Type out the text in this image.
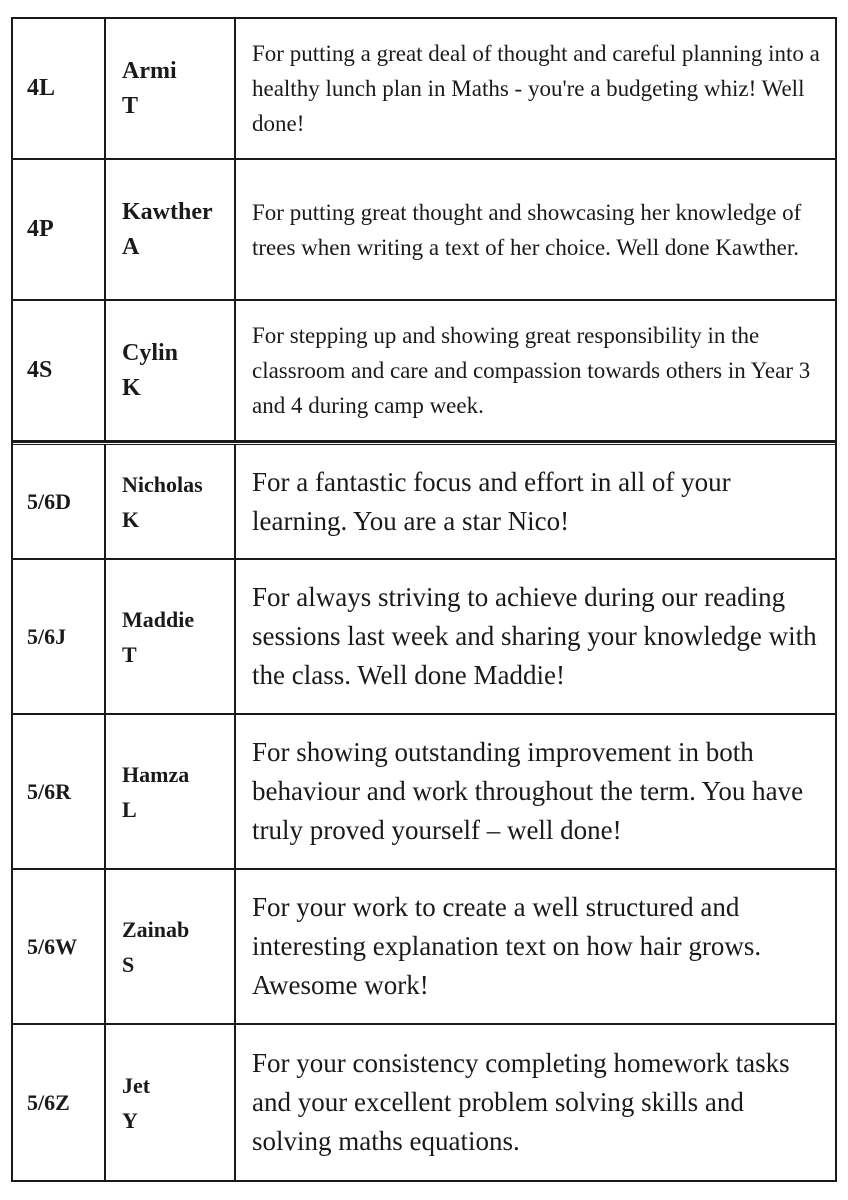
4L
Armi
T
For putting a great deal of thought and careful planning into a healthy lunch plan in Maths - you're a budgeting whiz! Well done!
4P
Kawther
A
For putting great thought and showcasing her knowledge of trees when writing a text of her choice. Well done Kawther.
4S
Cylin
K
For stepping up and showing great responsibility in the classroom and care and compassion towards others in Year 3 and 4 during camp week.
5/6D
Nicholas
K
For a fantastic focus and effort in all of your learning. You are a star Nico!
5/6J
Maddie
T
For always striving to achieve during our reading sessions last week and sharing your knowledge with the class. Well done Maddie!
5/6R
Hamza
L
For showing outstanding improvement in both behaviour and work throughout the term. You have truly proved yourself – well done!
5/6W
Zainab
S
For your work to create a well structured and interesting explanation text on how hair grows. Awesome work!
5/6Z
Jet
Y
For your consistency completing homework tasks and your excellent problem solving skills and solving maths equations.
